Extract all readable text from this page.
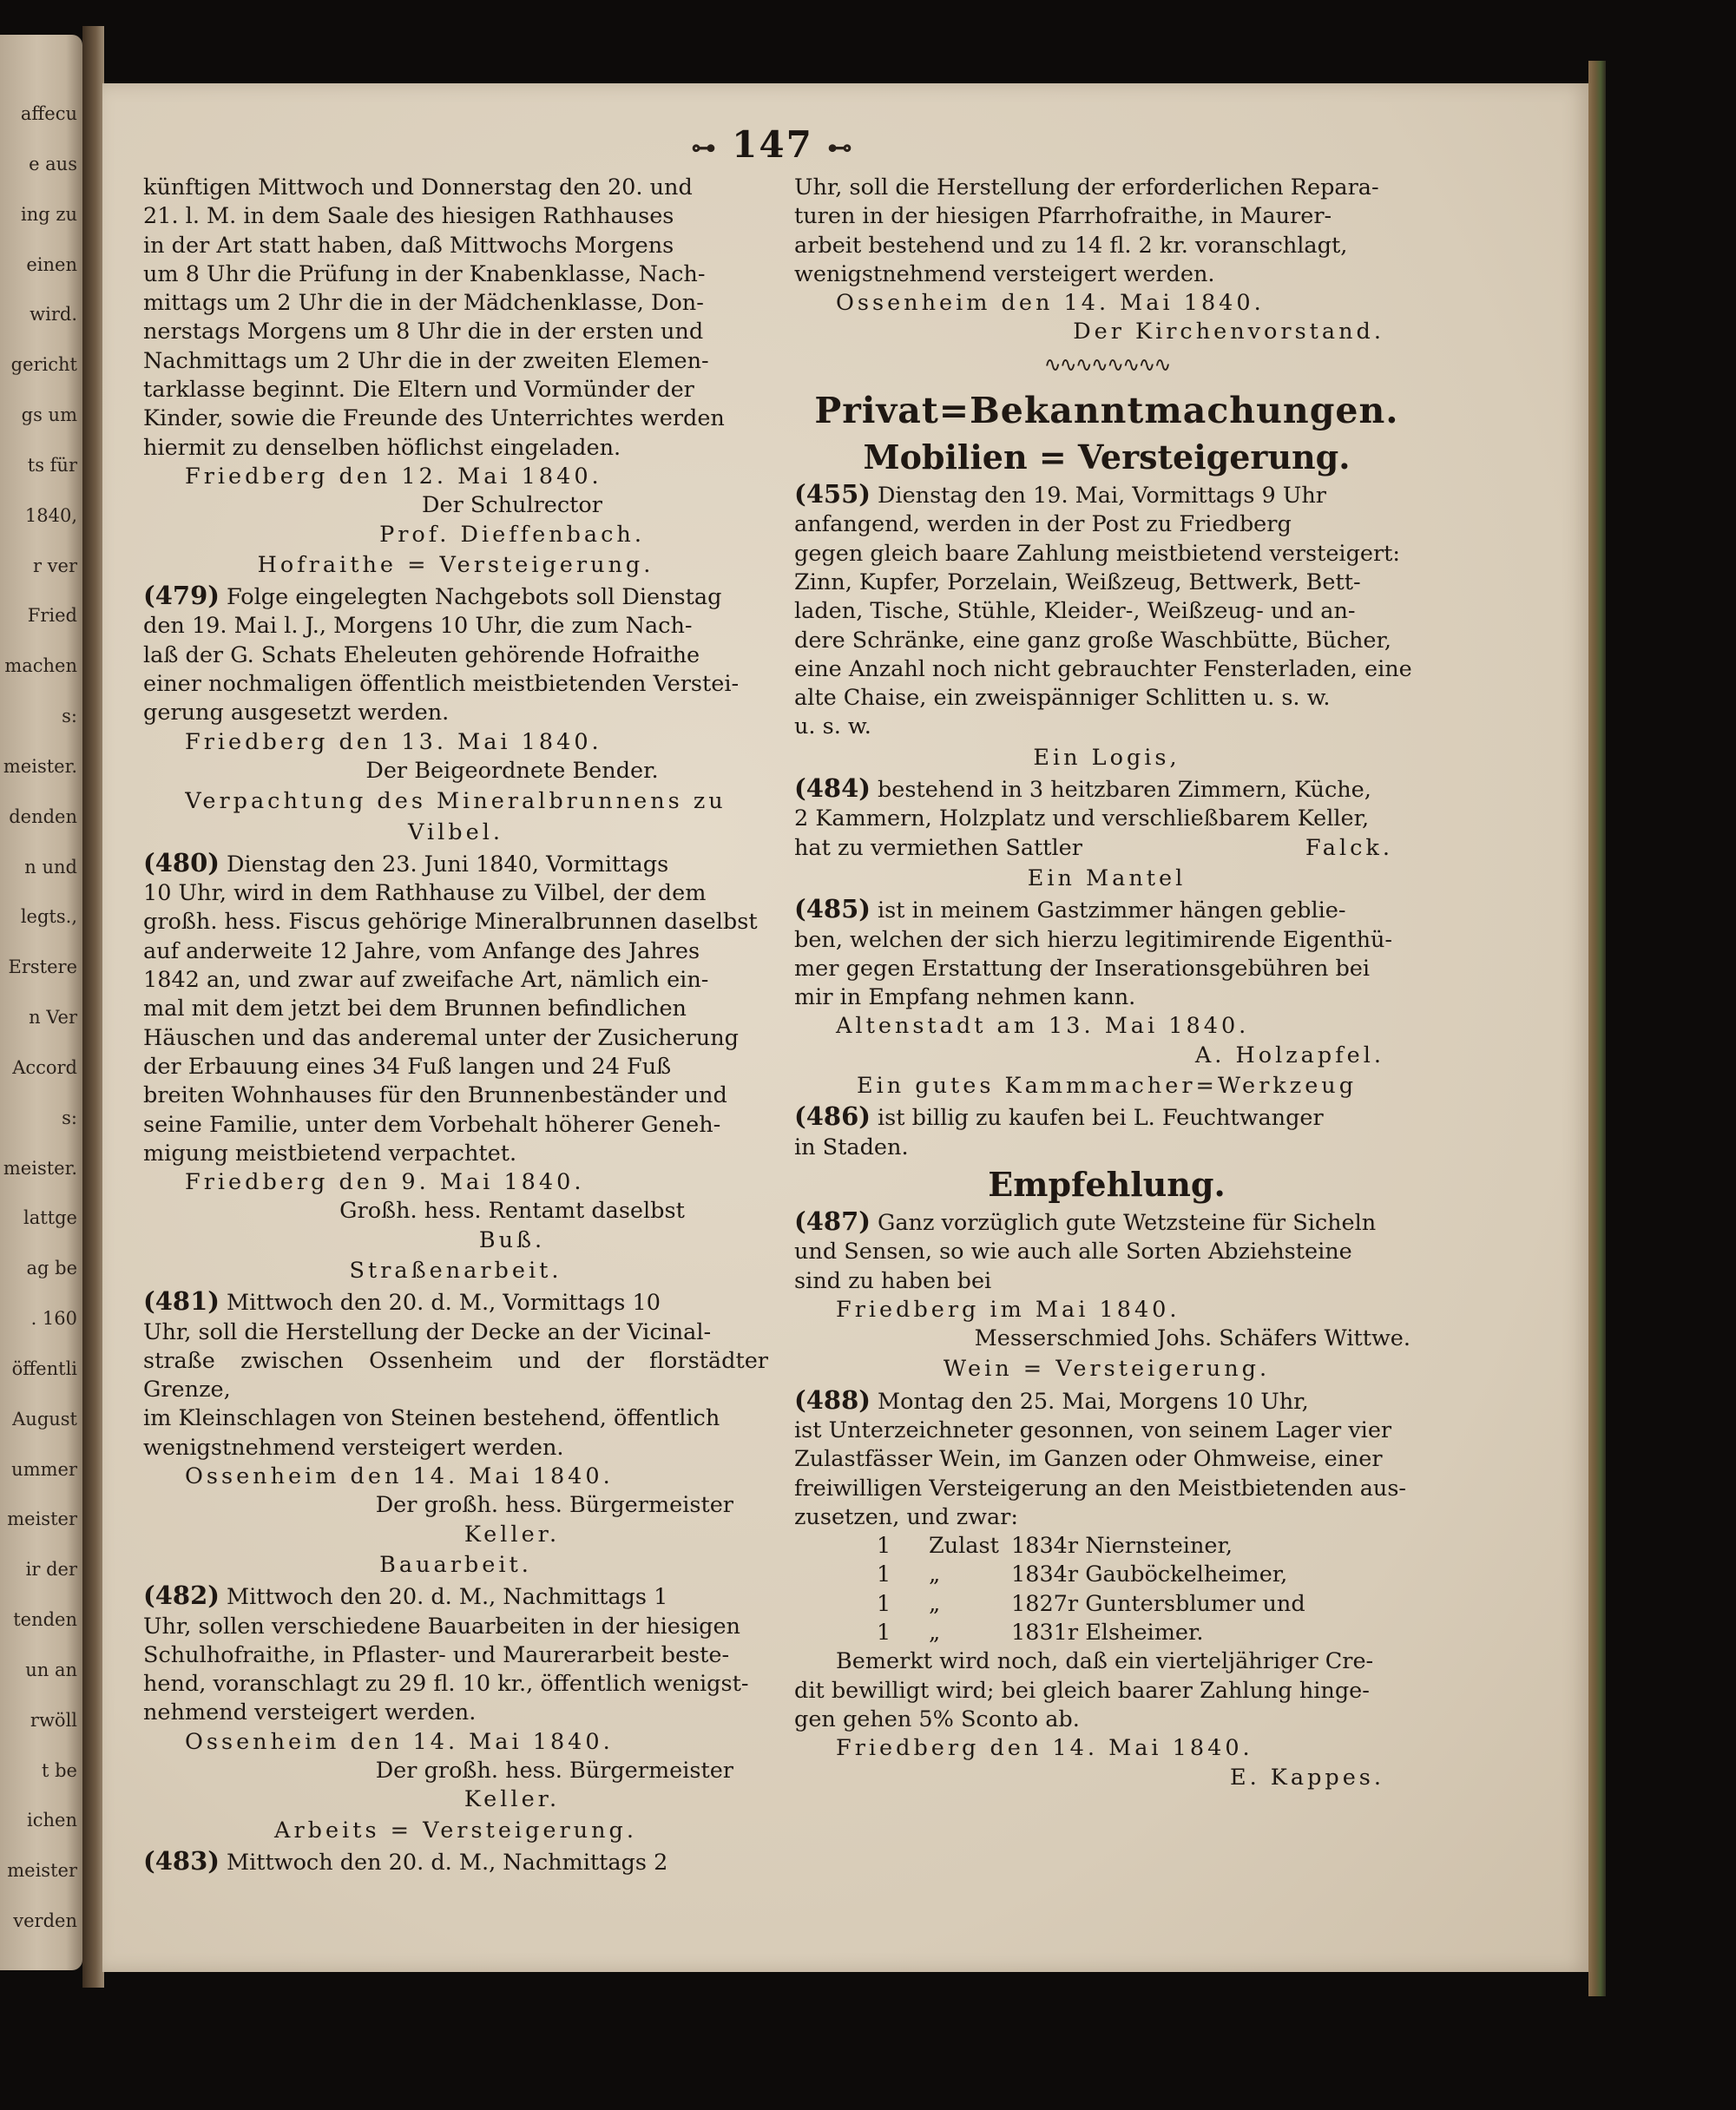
affecu
e aus
ing zu
einen
wird.
gericht
gs um
ts für
1840,
r ver
Fried
machen
s:
meister.
denden
n und
legts.,
Erstere
n Ver
Accord
s:
meister.
lattge
ag be
. 160
öffentli
August
ummer
meister
ir der
tenden
un an
rwöll
t be
ichen
meister
verden
⊶ 147 ⊷

künftigen Mittwoch und Donnerstag den 20. und

21. l. M. in dem Saale des hiesigen Rathhauses

in der Art statt haben, daß Mittwochs Morgens

um 8 Uhr die Prüfung in der Knabenklasse, Nach-

mittags um 2 Uhr die in der Mädchenklasse, Don-

nerstags Morgens um 8 Uhr die in der ersten und

Nachmittags um 2 Uhr die in der zweiten Elemen-

tarklasse beginnt. Die Eltern und Vormünder der

Kinder, sowie die Freunde des Unterrichtes werden

hiermit zu denselben höflichst eingeladen.

Friedberg den 12. Mai 1840.

Der Schulrector

Prof. Dieffenbach.

Hofraithe = Versteigerung.

(479) Folge eingelegten Nachgebots soll Dienstag

den 19. Mai l. J., Morgens 10 Uhr, die zum Nach-

laß der G. Schats Eheleuten gehörende Hofraithe

einer nochmaligen öffentlich meistbietenden Verstei-

gerung ausgesetzt werden.

Friedberg den 13. Mai 1840.

Der Beigeordnete Bender.

Verpachtung des Mineralbrunnens zu

Vilbel.

(480) Dienstag den 23. Juni 1840, Vormittags

10 Uhr, wird in dem Rathhause zu Vilbel, der dem

großh. hess. Fiscus gehörige Mineralbrunnen daselbst

auf anderweite 12 Jahre, vom Anfange des Jahres

1842 an, und zwar auf zweifache Art, nämlich ein-

mal mit dem jetzt bei dem Brunnen befindlichen

Häuschen und das anderemal unter der Zusicherung

der Erbauung eines 34 Fuß langen und 24 Fuß

breiten Wohnhauses für den Brunnenbeständer und

seine Familie, unter dem Vorbehalt höherer Geneh-

migung meistbietend verpachtet.

Friedberg den 9. Mai 1840.

Großh. hess. Rentamt daselbst

Buß.

Straßenarbeit.

(481) Mittwoch den 20. d. M., Vormittags 10

Uhr, soll die Herstellung der Decke an der Vicinal-

straße zwischen Ossenheim und der florstädter Grenze,

im Kleinschlagen von Steinen bestehend, öffentlich

wenigstnehmend versteigert werden.

Ossenheim den 14. Mai 1840.

Der großh. hess. Bürgermeister

Keller.

Bauarbeit.

(482) Mittwoch den 20. d. M., Nachmittags 1

Uhr, sollen verschiedene Bauarbeiten in der hiesigen

Schulhofraithe, in Pflaster- und Maurerarbeit beste-

hend, voranschlagt zu 29 fl. 10 kr., öffentlich wenigst-

nehmend versteigert werden.

Ossenheim den 14. Mai 1840.

Der großh. hess. Bürgermeister

Keller.

Arbeits = Versteigerung.

(483) Mittwoch den 20. d. M., Nachmittags 2

Uhr, soll die Herstellung der erforderlichen Repara-

turen in der hiesigen Pfarrhofraithe, in Maurer-

arbeit bestehend und zu 14 fl. 2 kr. voranschlagt,

wenigstnehmend versteigert werden.

Ossenheim den 14. Mai 1840.

Der Kirchenvorstand.

∿∿∿∿∿∿∿∿

Privat=Bekanntmachungen.

Mobilien = Versteigerung.

(455) Dienstag den 19. Mai, Vormittags 9 Uhr

anfangend, werden in der Post zu Friedberg

gegen gleich baare Zahlung meistbietend versteigert:

Zinn, Kupfer, Porzelain, Weißzeug, Bettwerk, Bett-

laden, Tische, Stühle, Kleider-, Weißzeug- und an-

dere Schränke, eine ganz große Waschbütte, Bücher,

eine Anzahl noch nicht gebrauchter Fensterladen, eine

alte Chaise, ein zweispänniger Schlitten u. s. w.

u. s. w.

Ein Logis,

(484) bestehend in 3 heitzbaren Zimmern, Küche,

2 Kammern, Holzplatz und verschließbarem Keller,

hat zu vermiethen Sattler	Falck.

Ein Mantel

(485) ist in meinem Gastzimmer hängen geblie-

ben, welchen der sich hierzu legitimirende Eigenthü-

mer gegen Erstattung der Inserationsgebühren bei

mir in Empfang nehmen kann.

Altenstadt am 13. Mai 1840.

A. Holzapfel.

Ein gutes Kammmacher=Werkzeug

(486) ist billig zu kaufen bei L. Feuchtwanger

in Staden.

Empfehlung.

(487) Ganz vorzüglich gute Wetzsteine für Sicheln

und Sensen, so wie auch alle Sorten Abziehsteine

sind zu haben bei

Friedberg im Mai 1840.

Messerschmied Johs. Schäfers Wittwe.

Wein = Versteigerung.

(488) Montag den 25. Mai, Morgens 10 Uhr,

ist Unterzeichneter gesonnen, von seinem Lager vier

Zulastfässer Wein, im Ganzen oder Ohmweise, einer

freiwilligen Versteigerung an den Meistbietenden aus-

zusetzen, und zwar:

1 Zulast 1834r Niernsteiner,

1 „	1834r Gauböckelheimer,

1 „	1827r Guntersblumer und

1 „	1831r Elsheimer.

Bemerkt wird noch, daß ein vierteljähriger Cre-

dit bewilligt wird; bei gleich baarer Zahlung hinge-

gen gehen 5% Sconto ab.

Friedberg den 14. Mai 1840.

E. Kappes.
